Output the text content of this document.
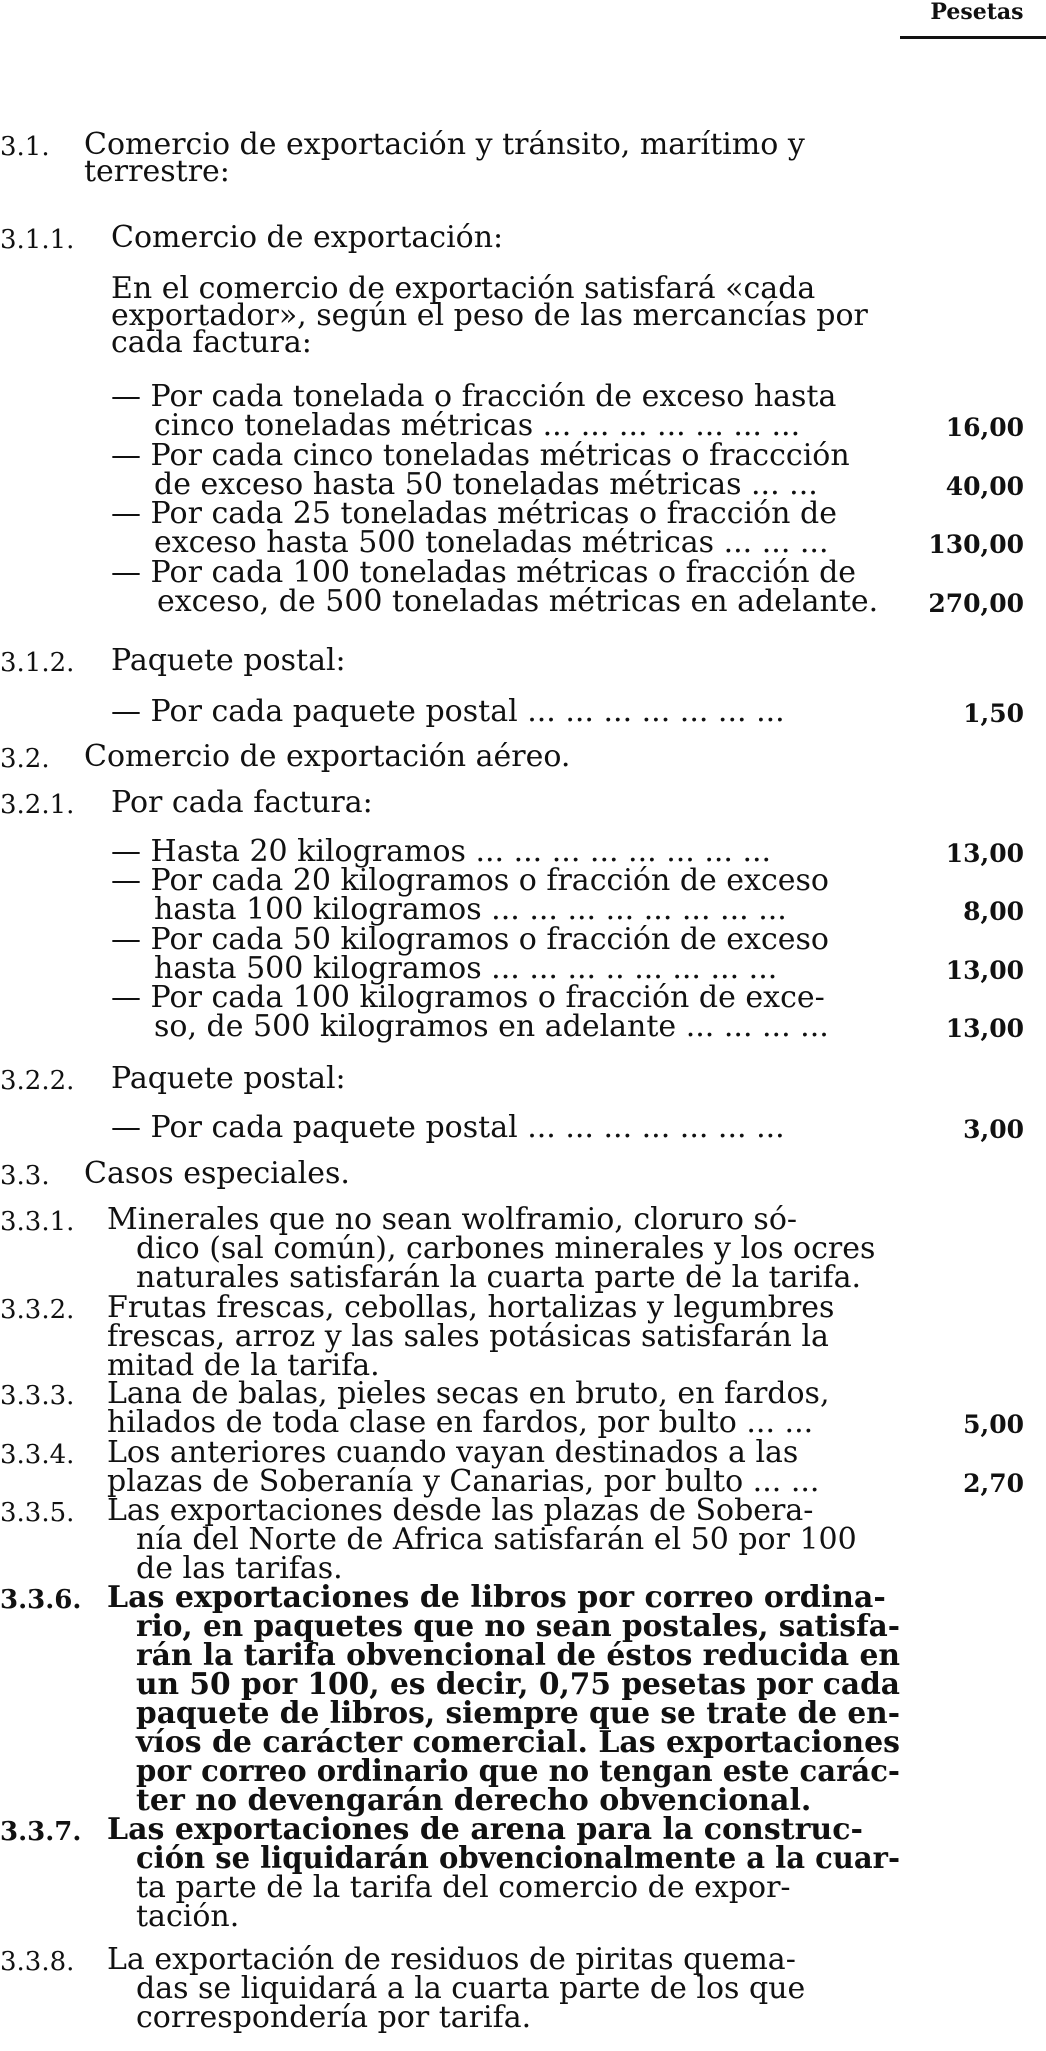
Pesetas
3.1. Comercio de exportación y tránsito, marítimo y
terrestre:
3.1.1. Comercio de exportación:
En el comercio de exportación satisfará «cada
exportador», según el peso de las mercancías por
cada factura:
— Por cada tonelada o fracción de exceso hasta
cinco toneladas métricas ... ... ... ... ... ... ...	16,00
— Por cada cinco toneladas métricas o fraccción
de exceso hasta 50 toneladas métricas ... ...	40,00
— Por cada 25 toneladas métricas o fracción de
exceso hasta 500 toneladas métricas ... ... ...	130,00
— Por cada 100 toneladas métricas o fracción de
exceso, de 500 toneladas métricas en adelante. 270,00
3.1.2. Paquete postal:
— Por cada paquete postal ... ... ... ... ... ... ...	1,50
3.2. Comercio de exportación aéreo.
3.2.1. Por cada factura:
— Hasta 20 kilogramos ... ... ... ... ... ... ... ...	13,00
— Por cada 20 kilogramos o fracción de exceso
hasta 100 kilogramos ... ... ... ... ... ... ... ...	8,00
— Por cada 50 kilogramos o fracción de exceso
hasta 500 kilogramos ... ... ... .. ... ... ... ...	13,00
— Por cada 100 kilogramos o fracción de exce-
so, de 500 kilogramos en adelante ... ... ... ...	13,00
3.2.2. Paquete postal:
— Por cada paquete postal ... ... ... ... ... ... ...	3,00
3.3. Casos especiales.
3.3.1. Minerales que no sean wolframio, cloruro só-
dico (sal común), carbones minerales y los ocres
naturales satisfarán la cuarta parte de la tarifa.
3.3.2. Frutas frescas, cebollas, hortalizas y legumbres
frescas, arroz y las sales potásicas satisfarán la
mitad de la tarifa.
3.3.3. Lana de balas, pieles secas en bruto, en fardos,
hilados de toda clase en fardos, por bulto ... ...	5,00
3.3.4. Los anteriores cuando vayan destinados a las
plazas de Soberanía y Canarias, por bulto ... ...	2,70
3.3.5. Las exportaciones desde las plazas de Sobera-
nía del Norte de Africa satisfarán el 50 por 100
de las tarifas.
3.3.6. Las exportaciones de libros por correo ordina-
rio, en paquetes que no sean postales, satisfa-
rán la tarifa obvencional de éstos reducida en
un 50 por 100, es decir, 0,75 pesetas por cada
paquete de libros, siempre que se trate de en-
víos de carácter comercial. Las exportaciones
por correo ordinario que no tengan este carác-
ter no devengarán derecho obvencional.
3.3.7. Las exportaciones de arena para la construc-
ción se liquidarán obvencionalmente a la cuar-
ta parte de la tarifa del comercio de expor-
tación.
3.3.8. La exportación de residuos de piritas quema-
das se liquidará a la cuarta parte de los que
correspondería por tarifa.
